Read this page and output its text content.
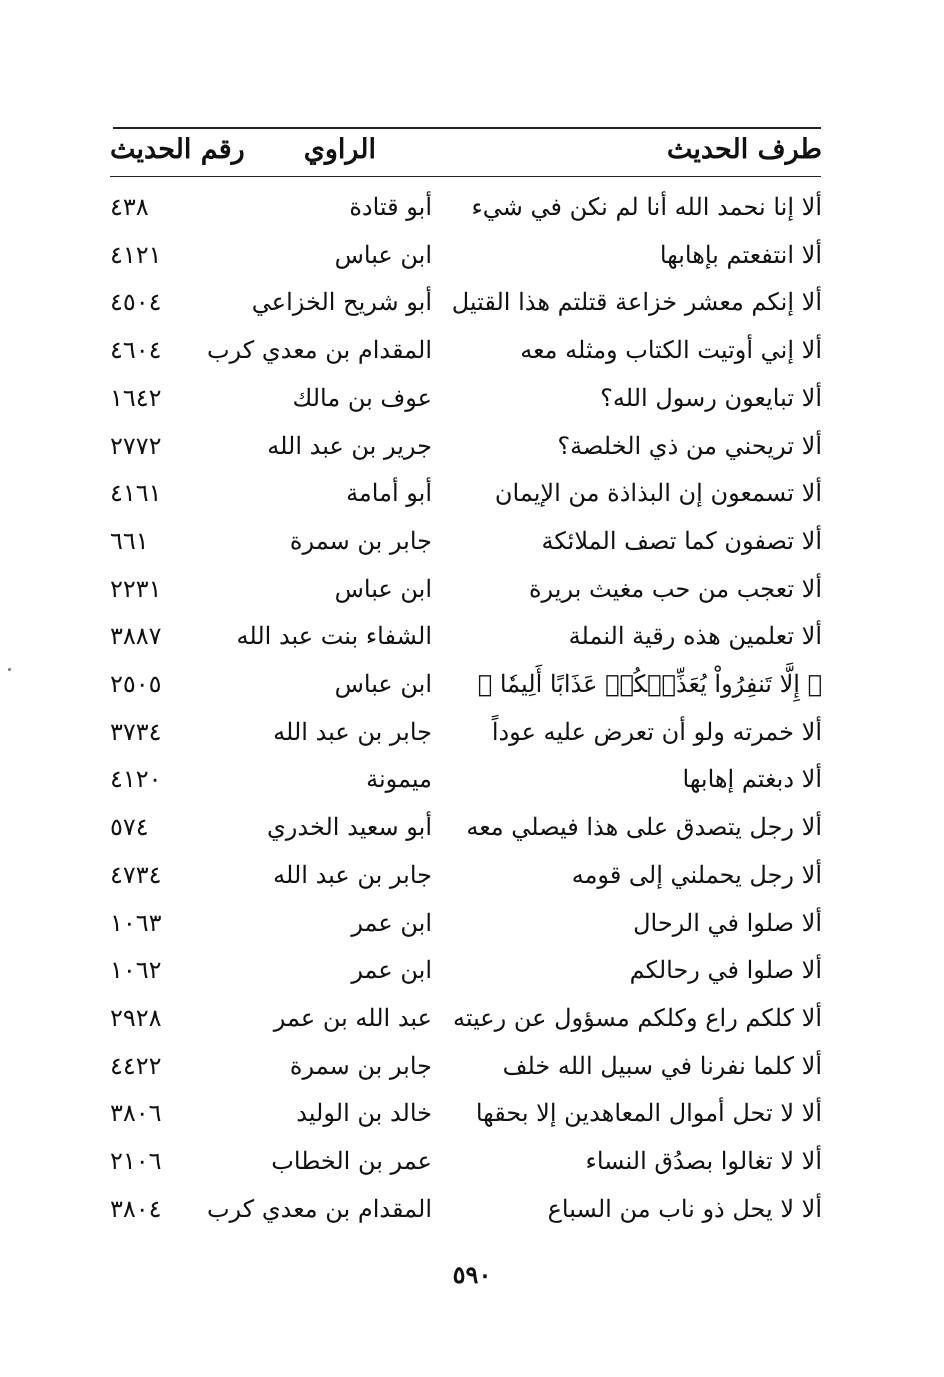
طرف الحديث
الراوي
رقم الحديث
ألا إنا نحمد الله أنا لم نكن في شيء
أبو قتادة
٤٣٨
ألا انتفعتم بإهابها
ابن عباس
٤١٢١
ألا إنكم معشر خزاعة قتلتم هذا القتيل
أبو شريح الخزاعي
٤٥٠٤
ألا إني أوتيت الكتاب ومثله معه
المقدام بن معدي كرب
٤٦٠٤
ألا تبايعون رسول الله؟
عوف بن مالك
١٦٤٢
ألا تريحني من ذي الخلصة؟
جرير بن عبد الله
٢٧٧٢
ألا تسمعون إن البذاذة من الإيمان
أبو أمامة
٤١٦١
ألا تصفون كما تصف الملائكة
جابر بن سمرة
٦٦١
ألا تعجب من حب مغيث بريرة
ابن عباس
٢٢٣١
ألا تعلمين هذه رقية النملة
الشفاء بنت عبد الله
٣٨٨٧
﴿ إِلَّا تَنفِرُواْ يُعَذِّبۡكُمۡ عَذَابًا أَلِيمٗا ﴾
ابن عباس
٢٥٠٥
ألا خمرته ولو أن تعرض عليه عوداً
جابر بن عبد الله
٣٧٣٤
ألا دبغتم إهابها
ميمونة
٤١٢٠
ألا رجل يتصدق على هذا فيصلي معه
أبو سعيد الخدري
٥٧٤
ألا رجل يحملني إلى قومه
جابر بن عبد الله
٤٧٣٤
ألا صلوا في الرحال
ابن عمر
١٠٦٣
ألا صلوا في رحالكم
ابن عمر
١٠٦٢
ألا كلكم راع وكلكم مسؤول عن رعيته
عبد الله بن عمر
٢٩٢٨
ألا كلما نفرنا في سبيل الله خلف
جابر بن سمرة
٤٤٢٢
ألا لا تحل أموال المعاهدين إلا بحقها
خالد بن الوليد
٣٨٠٦
ألا لا تغالوا بصدُق النساء
عمر بن الخطاب
٢١٠٦
ألا لا يحل ذو ناب من السباع
المقدام بن معدي كرب
٣٨٠٤
٥٩٠
